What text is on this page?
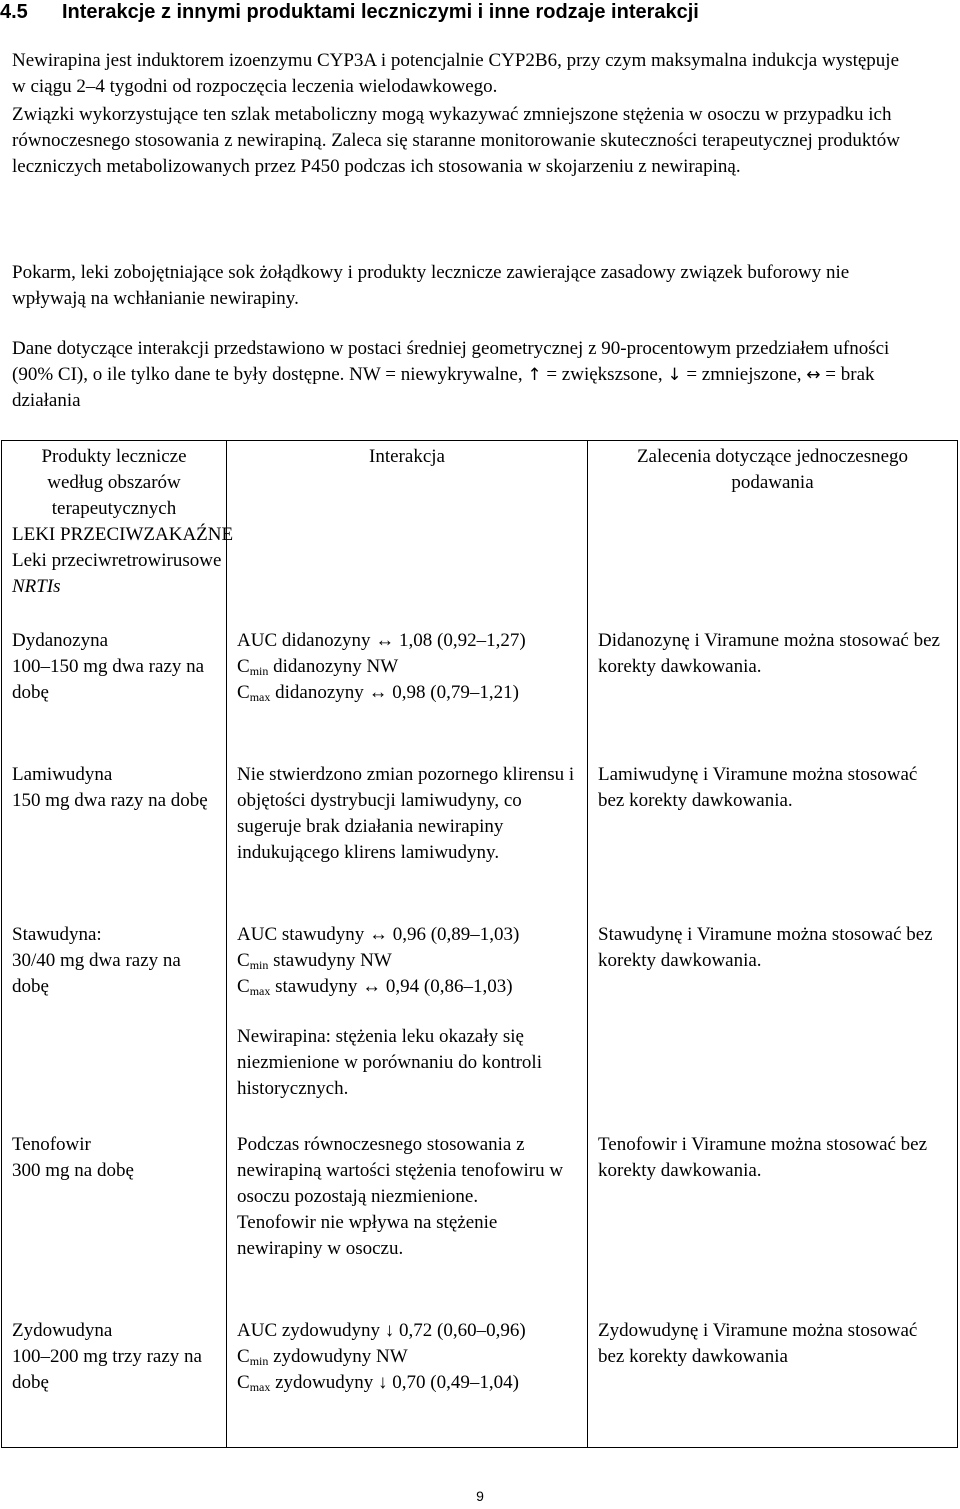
4.5 Interakcje z innymi produktami leczniczymi i inne rodzaje interakcji

Newirapina jest induktorem izoenzymu CYP3A i potencjalnie CYP2B6, przy czym maksymalna indukcja występuje w ciągu 2–4 tygodni od rozpoczęcia leczenia wielodawkowego.

Związki wykorzystujące ten szlak metaboliczny mogą wykazywać zmniejszone stężenia w osoczu w przypadku ich równoczesnego stosowania z newirapiną. Zaleca się staranne monitorowanie skuteczności terapeutycznej produktów leczniczych metabolizowanych przez P450 podczas ich stosowania w skojarzeniu z newirapiną.

Pokarm, leki zobojętniające sok żołądkowy i produkty lecznicze zawierające zasadowy związek buforowy nie wpływają na wchłanianie newirapiny.

Dane dotyczące interakcji przedstawiono w postaci średniej geometrycznej z 90-procentowym przedziałem ufności (90% CI), o ile tylko dane te były dostępne. NW = niewykrywalne, ↑ = zwiększsone, ↓ = zmniejszone, ↔ = brak działania

Produkty lecznicze według obszarów terapeutycznych	Interakcja	Zalecenia dotyczące jednoczesnego podawania

LEKI PRZECIWZAKAŹNE
Leki przeciwretrowirusowe
NRTIs		

Dydanozyna
100–150 mg dwa razy na dobę	AUC didanozyny ↔ 1,08 (0,92–1,27)
$C_{min}$ didanozyny NW
$C_{max}$ didanozyny ↔ 0,98 (0,79–1,21)	Didanozynę i Viramune można stosować bez korekty dawkowania.

Lamiwudyna
150 mg dwa razy na dobę	Nie stwierdzono zmian pozornego klirensu i objętości dystrybucji lamiwudyny, co sugeruje brak działania newirapiny indukującego klirens lamiwudyny.	Lamiwudynę i Viramune można stosować bez korekty dawkowania.

Stawudyna:
30/40 mg dwa razy na dobę	AUC stawudyny ↔ 0,96 (0,89–1,03)
$C_{min}$ stawudyny NW
$C_{max}$ stawudyny ↔ 0,94 (0,86–1,03)
Newirapina: stężenia leku okazały się niezmienione w porównaniu do kontroli historycznych.	Stawudynę i Viramune można stosować bez korekty dawkowania.

Tenofowir
300 mg na dobę	Podczas równoczesnego stosowania z newirapiną wartości stężenia tenofowiru w osoczu pozostają niezmienione.
Tenofowir nie wpływa na stężenie newirapiny w osoczu.	Tenofowir i Viramune można stosować bez korekty dawkowania.

Zydowudyna
100–200 mg trzy razy na dobę	AUC zydowudyny ↓ 0,72 (0,60–0,96)
$C_{min}$ zydowudyny NW
$C_{max}$ zydowudyny ↓ 0,70 (0,49–1,04)	Zydowudynę i Viramune można stosować bez korekty dawkowania
9
